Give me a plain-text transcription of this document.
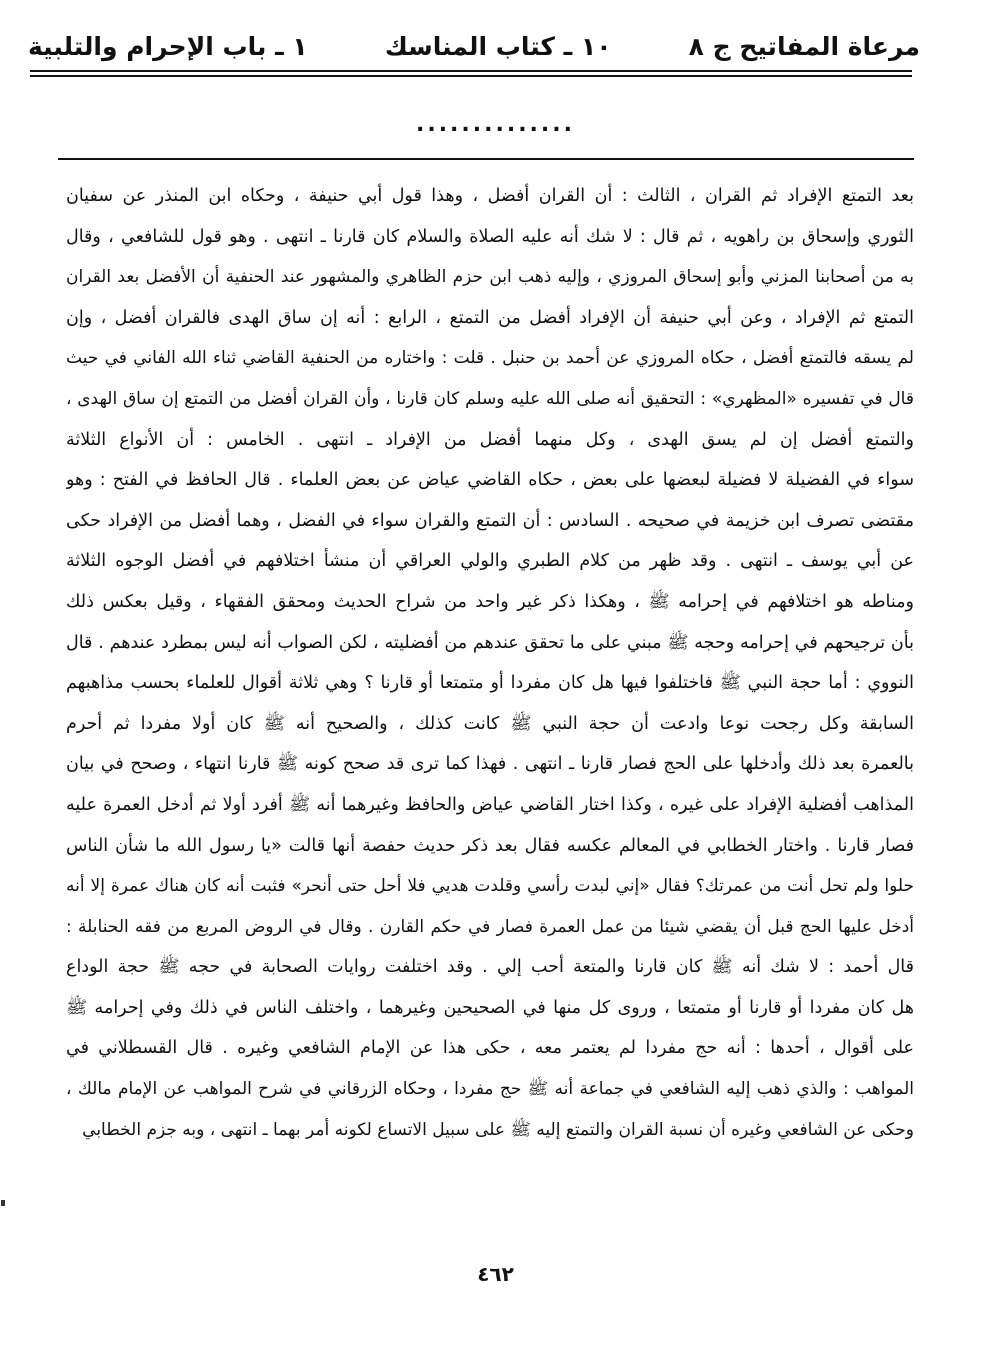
مرعاة المفاتيح ج ٨
١٠ ـ كتاب المناسك
١ ـ باب الإحرام والتلبية
..............
بعد التمتع الإفراد ثم القران ، الثالث : أن القران أفضل ، وهذا قول أبي حنيفة ، وحكاه ابن المنذر عن سفيان
الثوري وإسحاق بن راهويه ، ثم قال : لا شك أنه عليه الصلاة والسلام كان قارنا ـ انتهى . وهو قول للشافعي ، وقال
به من أصحابنا المزني وأبو إسحاق المروزي ، وإليه ذهب ابن حزم الظاهري والمشهور عند الحنفية أن الأفضل بعد القران
التمتع ثم الإفراد ، وعن أبي حنيفة أن الإفراد أفضل من التمتع ، الرابع : أنه إن ساق الهدى فالقران أفضل ، وإن
لم يسقه فالتمتع أفضل ، حكاه المروزي عن أحمد بن حنبل . قلت : واختاره من الحنفية القاضي ثناء الله الفاني في حيث
قال في تفسيره «المظهري» : التحقيق أنه صلى الله عليه وسلم كان قارنا ، وأن القران أفضل من التمتع إن ساق الهدى ،
والتمتع أفضل إن لم يسق الهدى ، وكل منهما أفضل من الإفراد ـ انتهى . الخامس : أن الأنواع الثلاثة
سواء في الفضيلة لا فضيلة لبعضها على بعض ، حكاه القاضي عياض عن بعض العلماء . قال الحافظ في الفتح : وهو
مقتضى تصرف ابن خزيمة في صحيحه . السادس : أن التمتع والقران سواء في الفضل ، وهما أفضل من الإفراد حكى
عن أبي يوسف ـ انتهى . وقد ظهر من كلام الطبري والولي العراقي أن منشأ اختلافهم في أفضل الوجوه الثلاثة
ومناطه هو اختلافهم في إحرامه ﷺ ، وهكذا ذكر غير واحد من شراح الحديث ومحقق الفقهاء ، وقيل بعكس ذلك
بأن ترجيحهم في إحرامه وحجه ﷺ مبني على ما تحقق عندهم من أفضليته ، لكن الصواب أنه ليس بمطرد عندهم . قال
النووي : أما حجة النبي ﷺ فاختلفوا فيها هل كان مفردا أو متمتعا أو قارنا ؟ وهي ثلاثة أقوال للعلماء بحسب مذاهبهم
السابقة وكل رجحت نوعا وادعت أن حجة النبي ﷺ كانت كذلك ، والصحيح أنه ﷺ كان أولا مفردا ثم أحرم
بالعمرة بعد ذلك وأدخلها على الحج فصار قارنا ـ انتهى . فهذا كما ترى قد صحح كونه ﷺ قارنا انتهاء ، وصحح في بيان
المذاهب أفضلية الإفراد على غيره ، وكذا اختار القاضي عياض والحافظ وغيرهما أنه ﷺ أفرد أولا ثم أدخل العمرة عليه
فصار قارنا . واختار الخطابي في المعالم عكسه فقال بعد ذكر حديث حفصة أنها قالت «يا رسول الله ما شأن الناس
حلوا ولم تحل أنت من عمرتك؟ فقال «إني لبدت رأسي وقلدت هديي فلا أحل حتى أنحر» فثبت أنه كان هناك عمرة إلا أنه
أدخل عليها الحج قبل أن يقضي شيئا من عمل العمرة فصار في حكم القارن . وقال في الروض المربع من فقه الحنابلة :
قال أحمد : لا شك أنه ﷺ كان قارنا والمتعة أحب إلي . وقد اختلفت روايات الصحابة في حجه ﷺ حجة الوداع
هل كان مفردا أو قارنا أو متمتعا ، وروى كل منها في الصحيحين وغيرهما ، واختلف الناس في ذلك وفي إحرامه ﷺ
على أقوال ، أحدها : أنه حج مفردا لم يعتمر معه ، حكى هذا عن الإمام الشافعي وغيره . قال القسطلاني في
المواهب : والذي ذهب إليه الشافعي في جماعة أنه ﷺ حج مفردا ، وحكاه الزرقاني في شرح المواهب عن الإمام مالك ،
وحكى عن الشافعي وغيره أن نسبة القران والتمتع إليه ﷺ على سبيل الاتساع لكونه أمر بهما ـ انتهى ، وبه جزم الخطابي
٤٦٢
